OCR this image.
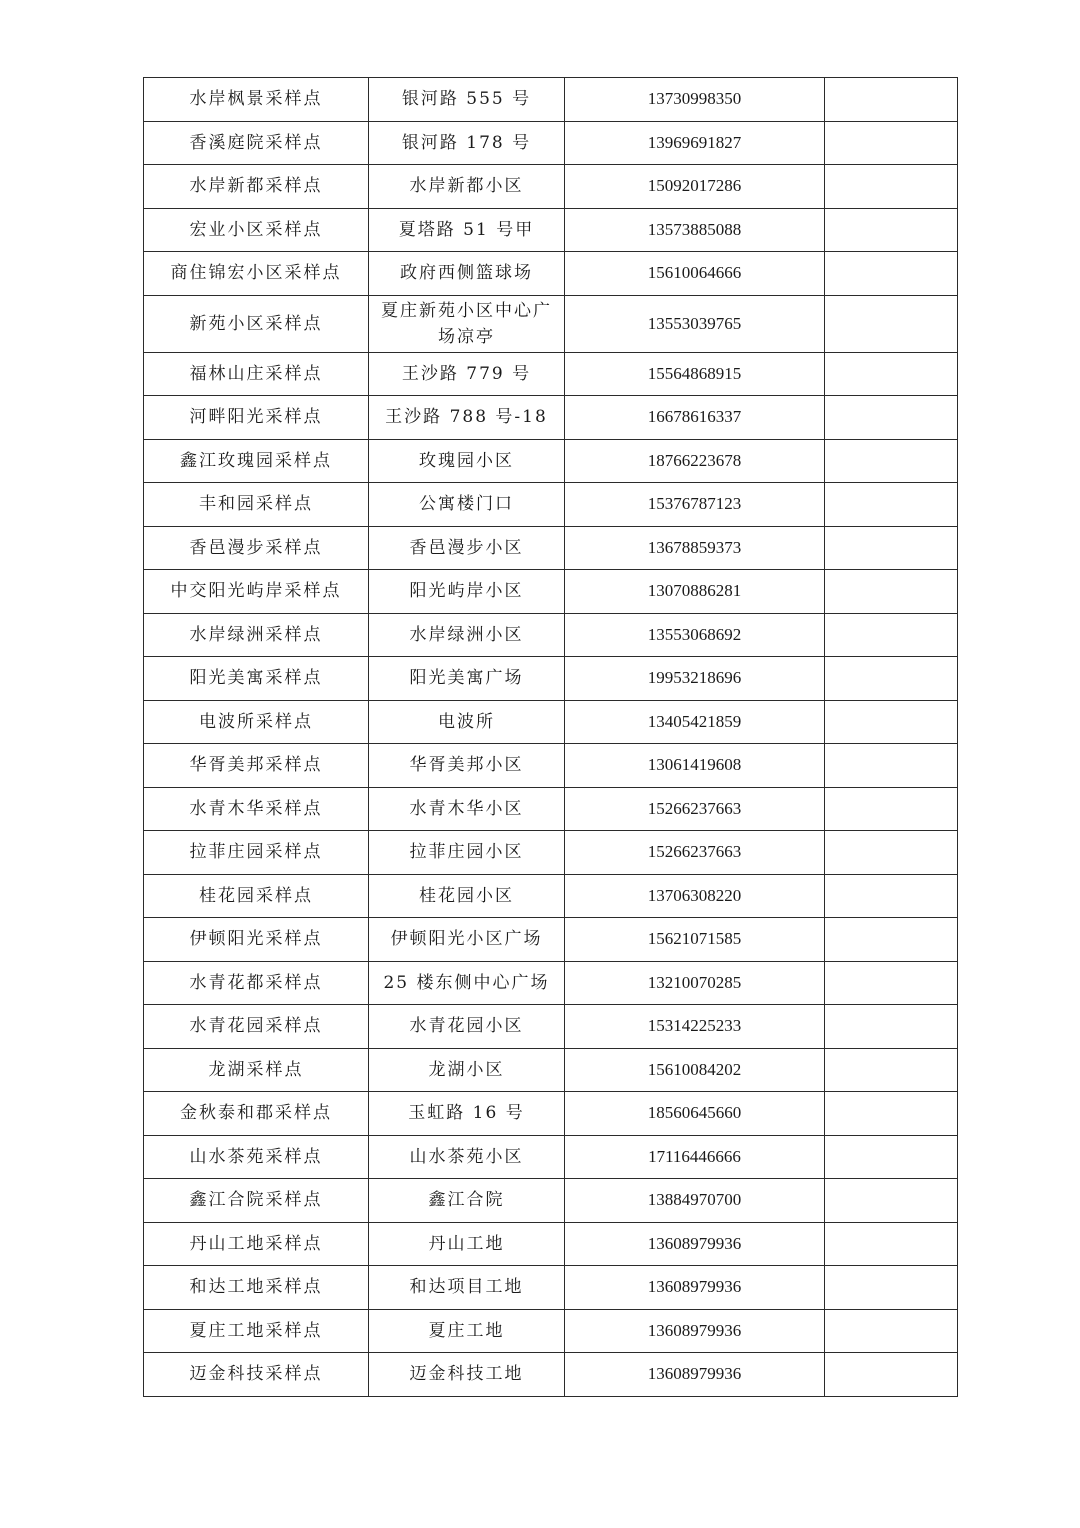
水岸枫景采样点	银河路 555 号	13730998350	
香溪庭院采样点	银河路 178 号	13969691827	
水岸新都采样点	水岸新都小区	15092017286	
宏业小区采样点	夏塔路 51 号甲	13573885088	
商住锦宏小区采样点	政府西侧篮球场	15610064666	
新苑小区采样点	夏庄新苑小区中心广场凉亭	13553039765	
福林山庄采样点	王沙路 779 号	15564868915	
河畔阳光采样点	王沙路 788 号-18	16678616337	
鑫江玫瑰园采样点	玫瑰园小区	18766223678	
丰和园采样点	公寓楼门口	15376787123	
香邑漫步采样点	香邑漫步小区	13678859373	
中交阳光屿岸采样点	阳光屿岸小区	13070886281	
水岸绿洲采样点	水岸绿洲小区	13553068692	
阳光美寓采样点	阳光美寓广场	19953218696	
电波所采样点	电波所	13405421859	
华胥美邦采样点	华胥美邦小区	13061419608	
水青木华采样点	水青木华小区	15266237663	
拉菲庄园采样点	拉菲庄园小区	15266237663	
桂花园采样点	桂花园小区	13706308220	
伊顿阳光采样点	伊顿阳光小区广场	15621071585	
水青花都采样点	25 楼东侧中心广场	13210070285	
水青花园采样点	水青花园小区	15314225233	
龙湖采样点	龙湖小区	15610084202	
金秋泰和郡采样点	玉虹路 16 号	18560645660	
山水茶苑采样点	山水茶苑小区	17116446666	
鑫江合院采样点	鑫江合院	13884970700	
丹山工地采样点	丹山工地	13608979936	
和达工地采样点	和达项目工地	13608979936	
夏庄工地采样点	夏庄工地	13608979936	
迈金科技采样点	迈金科技工地	13608979936	
